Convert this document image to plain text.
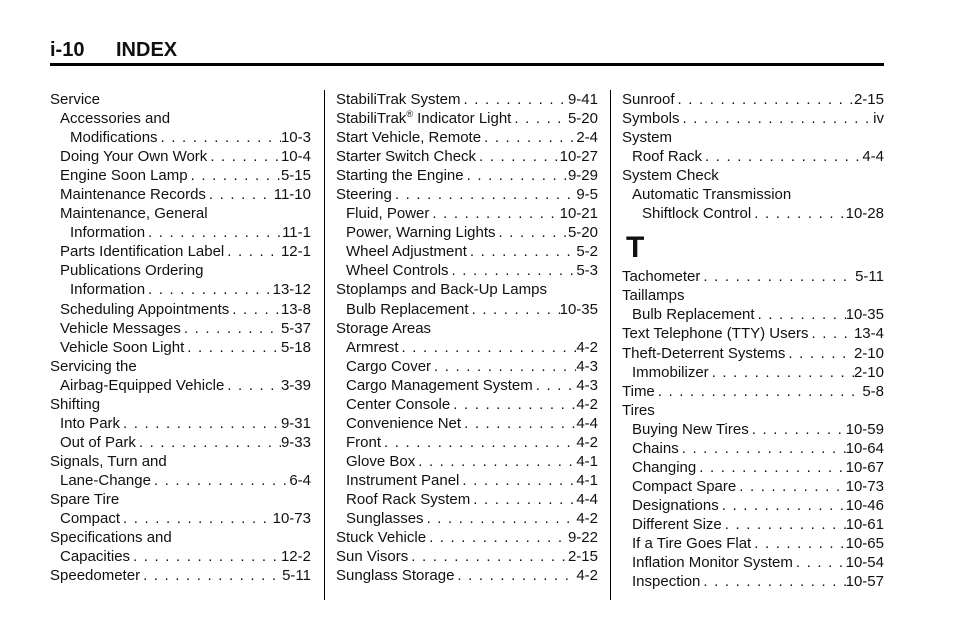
i-10 INDEX
Service
Accessories and
Modifications . . .	10-3
Doing Your Own Work . . .	10-4
Engine Soon Lamp . . .	5-15
Maintenance Records . . .	11-10
Maintenance, General
Information . . .	11-1
Parts Identification Label . . .	12-1
Publications Ordering
Information . . .	13-12
Scheduling Appointments . . .	13-8
Vehicle Messages . . .	5-37
Vehicle Soon Light . . .	5-18
Servicing the
Airbag-Equipped Vehicle . . .	3-39
Shifting
Into Park . . .	9-31
Out of Park . . .	9-33
Signals, Turn and
Lane-Change . . .	6-4
Spare Tire
Compact . . .	10-73
Specifications and
Capacities . . .	12-2
Speedometer . . .	5-11
StabiliTrak System . . .	9-41
StabiliTrak® Indicator Light . . .	5-20
Start Vehicle, Remote . . .	2-4
Starter Switch Check . . .	10-27
Starting the Engine . . .	9-29
Steering . . .	9-5
Fluid, Power . . .	10-21
Power, Warning Lights . . .	5-20
Wheel Adjustment . . .	5-2
Wheel Controls . . .	5-3
Stoplamps and Back-Up Lamps
Bulb Replacement . . .	10-35
Storage Areas
Armrest . . .	4-2
Cargo Cover . . .	4-3
Cargo Management System . . .	4-3
Center Console . . .	4-2
Convenience Net . . .	4-4
Front . . .	4-2
Glove Box . . .	4-1
Instrument Panel . . .	4-1
Roof Rack System . . .	4-4
Sunglasses . . .	4-2
Stuck Vehicle . . .	9-22
Sun Visors . . .	2-15
Sunglass Storage . . .	4-2
Sunroof . . .	2-15
Symbols . . .	iv
System
Roof Rack . . .	4-4
System Check
Automatic Transmission
Shiftlock Control . . .	10-28
T
Tachometer . . .	5-11
Taillamps
Bulb Replacement . . .	10-35
Text Telephone (TTY) Users . . .	13-4
Theft-Deterrent Systems . . .	2-10
Immobilizer . . .	2-10
Time . . .	5-8
Tires
Buying New Tires . . .	10-59
Chains . . .	10-64
Changing . . .	10-67
Compact Spare . . .	10-73
Designations . . .	10-46
Different Size . . .	10-61
If a Tire Goes Flat . . .	10-65
Inflation Monitor System . . .	10-54
Inspection . . .	10-57
